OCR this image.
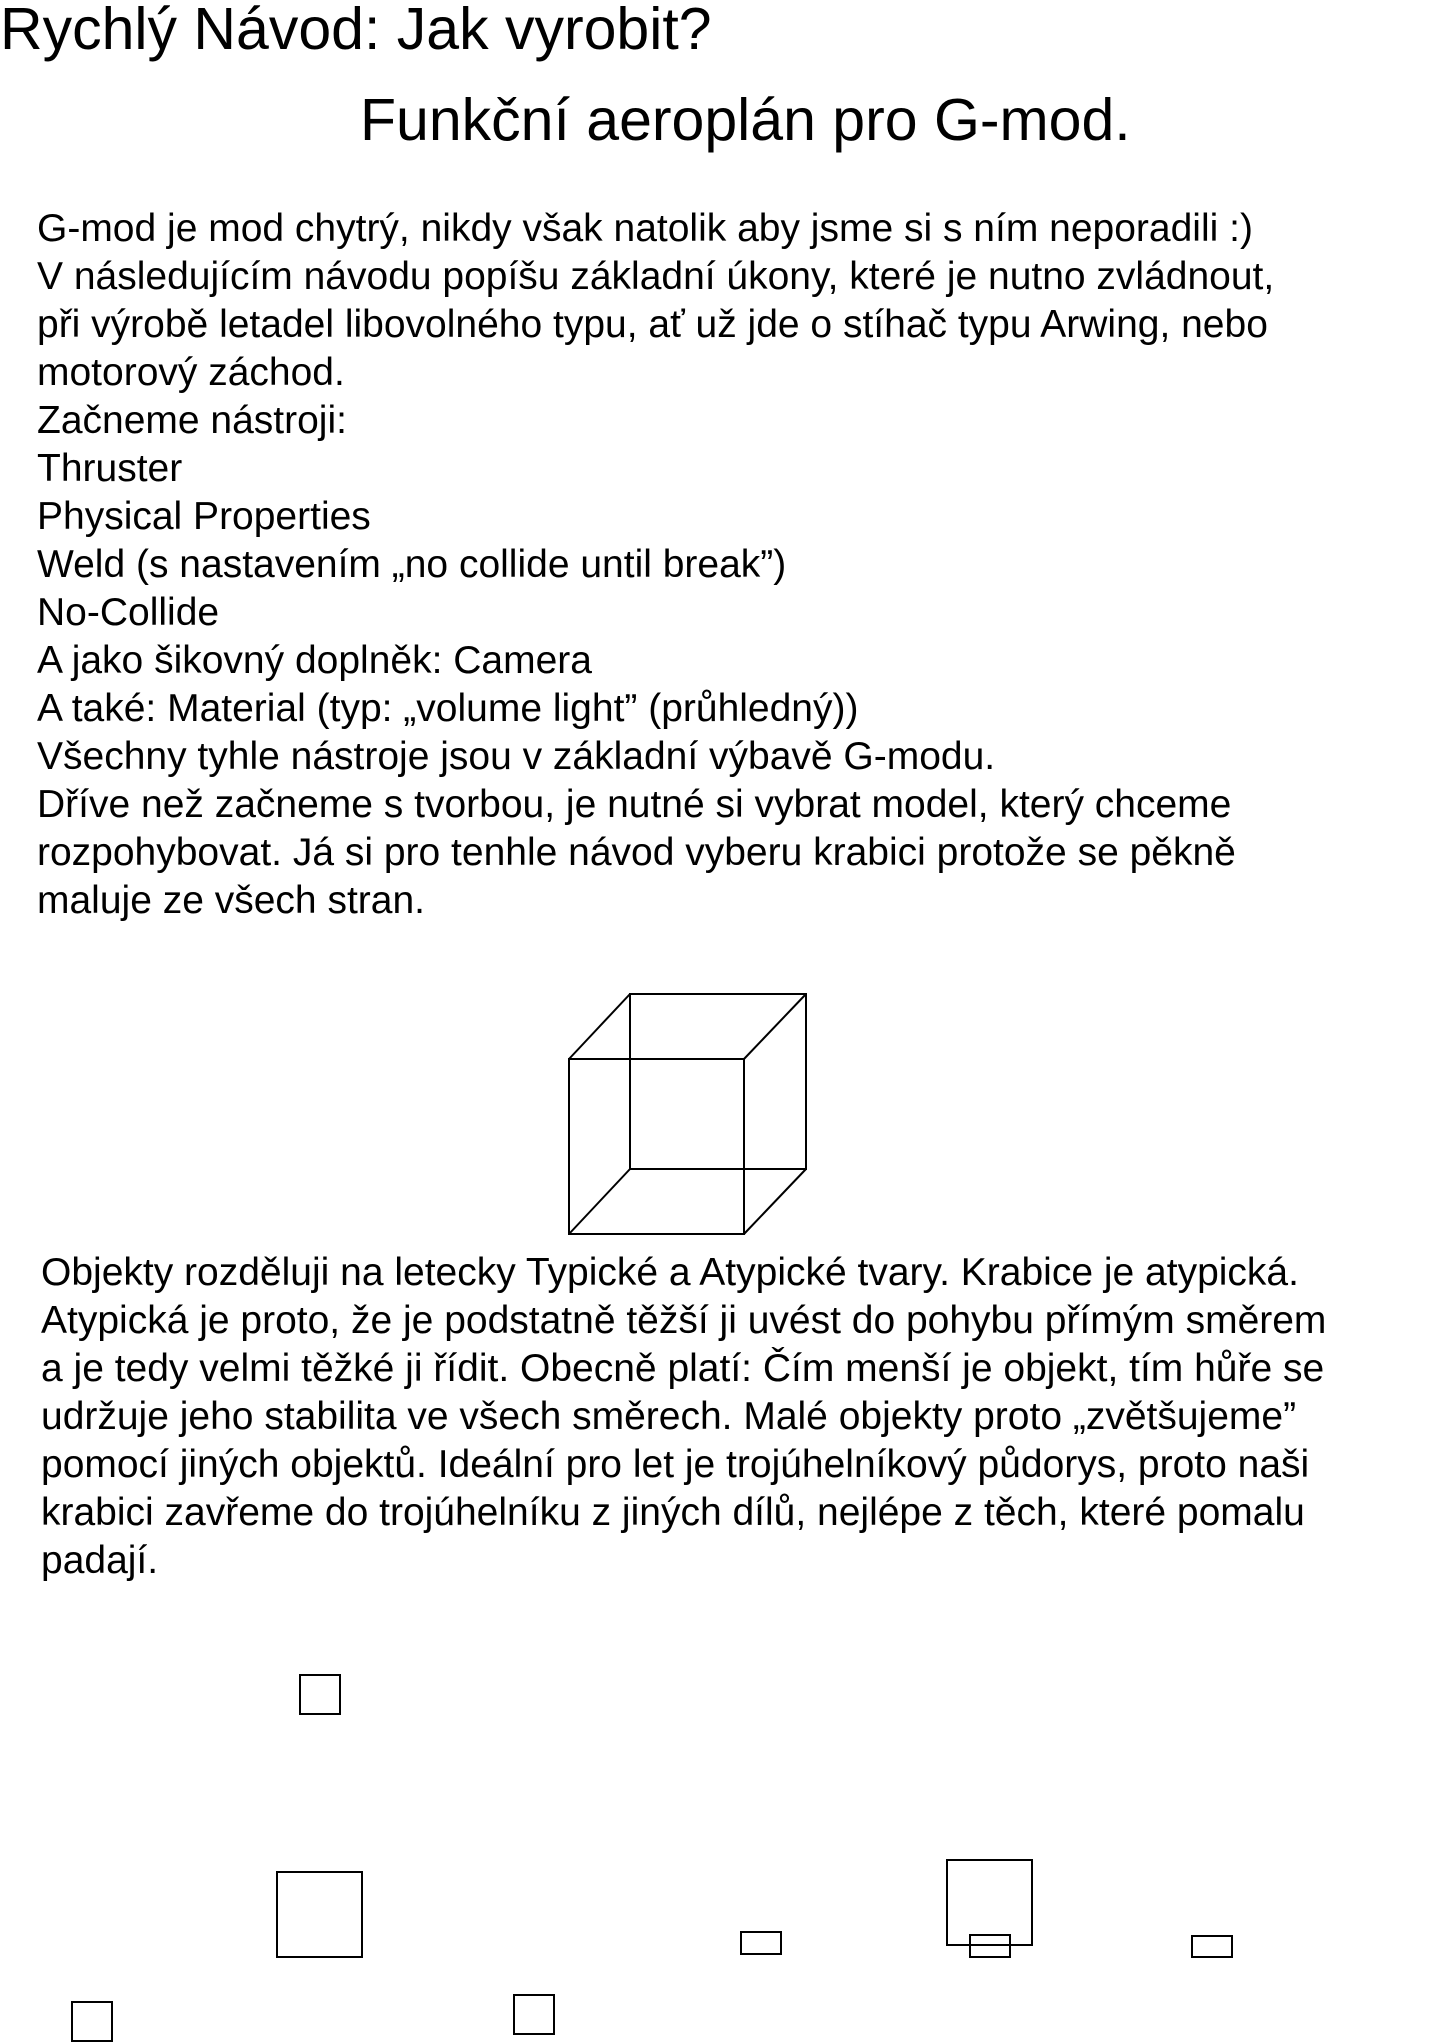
Rychlý Návod: Jak vyrobit?
Funkční aeroplán pro G-mod.
G-mod je mod chytrý, nikdy však natolik aby jsme si s ním neporadili :)
V následujícím návodu popíšu základní úkony, které je nutno zvládnout,
při výrobě letadel libovolného typu, ať už jde o stíhač typu Arwing, nebo
motorový záchod.
Začneme nástroji:
Thruster
Physical Properties
Weld (s nastavením „no collide until break”)
No-Collide
A jako šikovný doplněk: Camera
A také: Material (typ: „volume light” (průhledný))
Všechny tyhle nástroje jsou v základní výbavě G-modu.
Dříve než začneme s tvorbou, je nutné si vybrat model, který chceme
rozpohybovat. Já si pro tenhle návod vyberu krabici protože se pěkně
maluje ze všech stran.
Objekty rozděluji na letecky Typické a Atypické tvary. Krabice je atypická.
Atypická je proto, že je podstatně těžší ji uvést do pohybu přímým směrem
a je tedy velmi těžké ji řídit. Obecně platí: Čím menší je objekt, tím hůře se
udržuje jeho stabilita ve všech směrech. Malé objekty proto „zvětšujeme”
pomocí jiných objektů. Ideální pro let je trojúhelníkový půdorys, proto naši
krabici zavřeme do trojúhelníku z jiných dílů, nejlépe z těch, které pomalu
padají.
